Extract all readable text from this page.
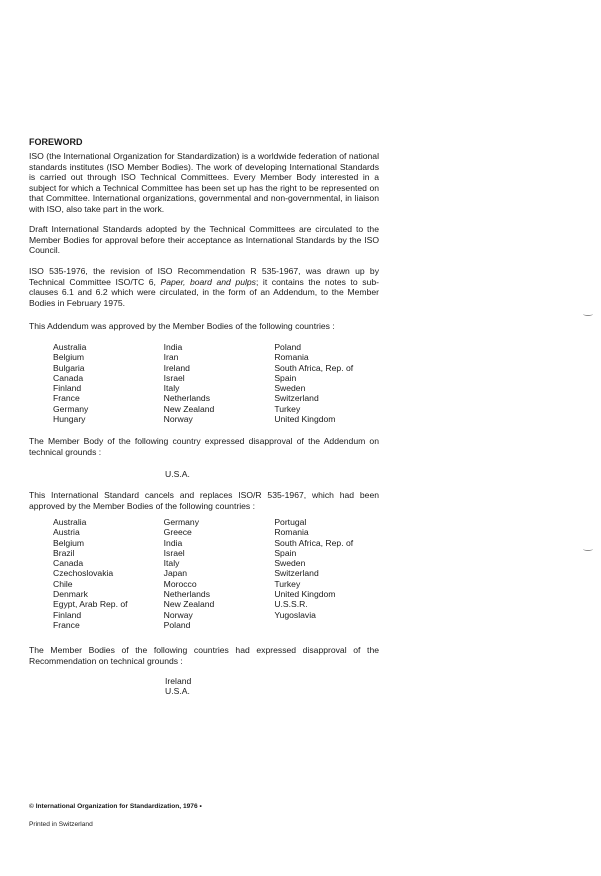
FOREWORD
ISO (the International Organization for Standardization) is a worldwide federation of national standards institutes (ISO Member Bodies). The work of developing International Standards is carried out through ISO Technical Committees. Every Member Body interested in a subject for which a Technical Committee has been set up has the right to be represented on that Committee. International organizations, governmental and non-governmental, in liaison with ISO, also take part in the work.
Draft International Standards adopted by the Technical Committees are circulated to the Member Bodies for approval before their acceptance as International Standards by the ISO Council.
ISO 535-1976, the revision of ISO Recommendation R 535-1967, was drawn up by Technical Committee ISO/TC 6, Paper, board and pulps; it contains the notes to sub-clauses 6.1 and 6.2 which were circulated, in the form of an Addendum, to the Member Bodies in February 1975.
This Addendum was approved by the Member Bodies of the following countries :
Australia
Belgium
Bulgaria
Canada
Finland
France
Germany
Hungary
India
Iran
Ireland
Israel
Italy
Netherlands
New Zealand
Norway
Poland
Romania
South Africa, Rep. of
Spain
Sweden
Switzerland
Turkey
United Kingdom
The Member Body of the following country expressed disapproval of the Addendum on technical grounds :
U.S.A.
This International Standard cancels and replaces ISO/R 535-1967, which had been approved by the Member Bodies of the following countries :
Australia
Austria
Belgium
Brazil
Canada
Czechoslovakia
Chile
Denmark
Egypt, Arab Rep. of
Finland
France
Germany
Greece
India
Israel
Italy
Japan
Morocco
Netherlands
New Zealand
Norway
Poland
Portugal
Romania
South Africa, Rep. of
Spain
Sweden
Switzerland
Turkey
United Kingdom
U.S.S.R.
Yugoslavia
The Member Bodies of the following countries had expressed disapproval of the Recommendation on technical grounds :
Ireland
U.S.A.
© International Organization for Standardization, 1976 •
Printed in Switzerland
